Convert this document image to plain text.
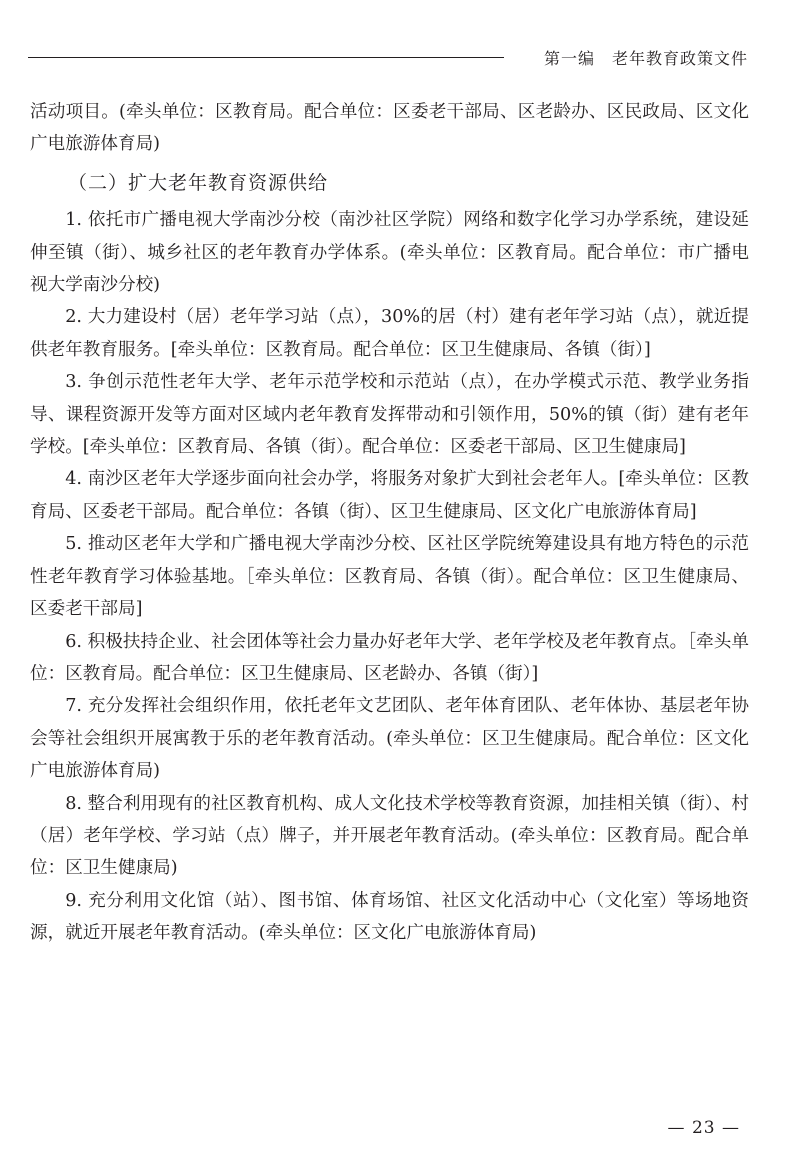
第一编　老年教育政策文件

活动项目。(牵头单位：区教育局。配合单位：区委老干部局、区老龄办、区民政局、区文化广电旅游体育局)

（二）扩大老年教育资源供给

1. 依托市广播电视大学南沙分校（南沙社区学院）网络和数字化学习办学系统，建设延伸至镇（街）、城乡社区的老年教育办学体系。(牵头单位：区教育局。配合单位：市广播电视大学南沙分校)

2. 大力建设村（居）老年学习站（点），30%的居（村）建有老年学习站（点），就近提供老年教育服务。[牵头单位：区教育局。配合单位：区卫生健康局、各镇（街）]

3. 争创示范性老年大学、老年示范学校和示范站（点），在办学模式示范、教学业务指导、课程资源开发等方面对区域内老年教育发挥带动和引领作用，50%的镇（街）建有老年学校。[牵头单位：区教育局、各镇（街）。配合单位：区委老干部局、区卫生健康局]

4. 南沙区老年大学逐步面向社会办学，将服务对象扩大到社会老年人。[牵头单位：区教育局、区委老干部局。配合单位：各镇（街）、区卫生健康局、区文化广电旅游体育局]

5. 推动区老年大学和广播电视大学南沙分校、区社区学院统筹建设具有地方特色的示范性老年教育学习体验基地。［牵头单位：区教育局、各镇（街）。配合单位：区卫生健康局、区委老干部局]

6. 积极扶持企业、社会团体等社会力量办好老年大学、老年学校及老年教育点。［牵头单位：区教育局。配合单位：区卫生健康局、区老龄办、各镇（街）]

7. 充分发挥社会组织作用，依托老年文艺团队、老年体育团队、老年体协、基层老年协会等社会组织开展寓教于乐的老年教育活动。(牵头单位：区卫生健康局。配合单位：区文化广电旅游体育局)

8. 整合利用现有的社区教育机构、成人文化技术学校等教育资源，加挂相关镇（街）、村（居）老年学校、学习站（点）牌子，并开展老年教育活动。(牵头单位：区教育局。配合单位：区卫生健康局)

9. 充分利用文化馆（站）、图书馆、体育场馆、社区文化活动中心（文化室）等场地资源，就近开展老年教育活动。(牵头单位：区文化广电旅游体育局)

— 23 —
